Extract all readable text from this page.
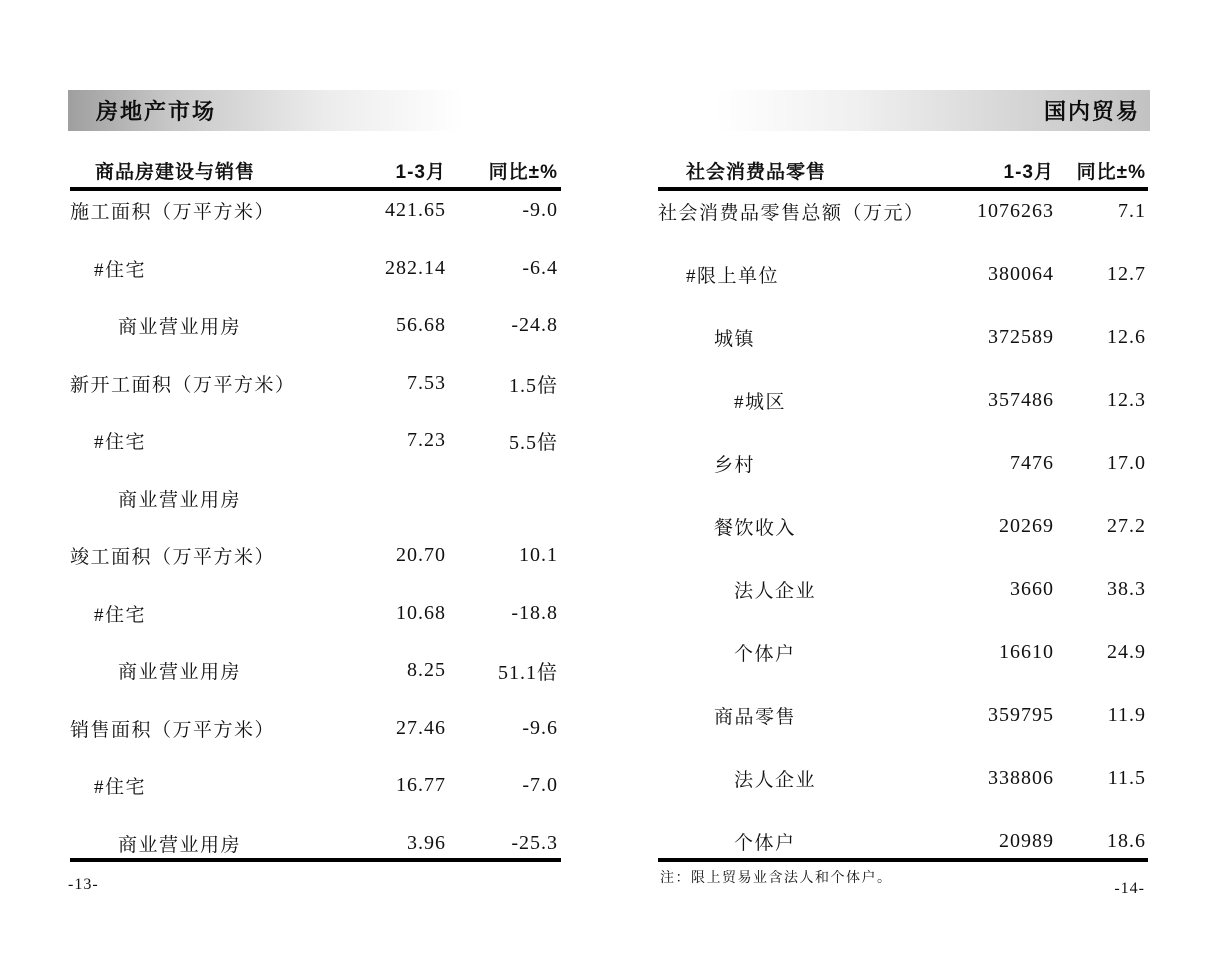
房地产市场
商品房建设与销售	1-3月	同比±%
施工面积（万平方米）	421.65	-9.0
#住宅	282.14	-6.4
商业营业用房	56.68	-24.8
新开工面积（万平方米）	7.53	1.5倍
#住宅	7.23	5.5倍
商业营业用房
竣工面积（万平方米）	20.70	10.1
#住宅	10.68	-18.8
商业营业用房	8.25	51.1倍
销售面积（万平方米）	27.46	-9.6
#住宅	16.77	-7.0
商业营业用房	3.96	-25.3
-13-
国内贸易
社会消费品零售	1-3月	同比±%
社会消费品零售总额（万元）	1076263	7.1
#限上单位	380064	12.7
城镇	372589	12.6
#城区	357486	12.3
乡村	7476	17.0
餐饮收入	20269	27.2
法人企业	3660	38.3
个体户	16610	24.9
商品零售	359795	11.9
法人企业	338806	11.5
个体户	20989	18.6
注：限上贸易业含法人和个体户。
-14-
